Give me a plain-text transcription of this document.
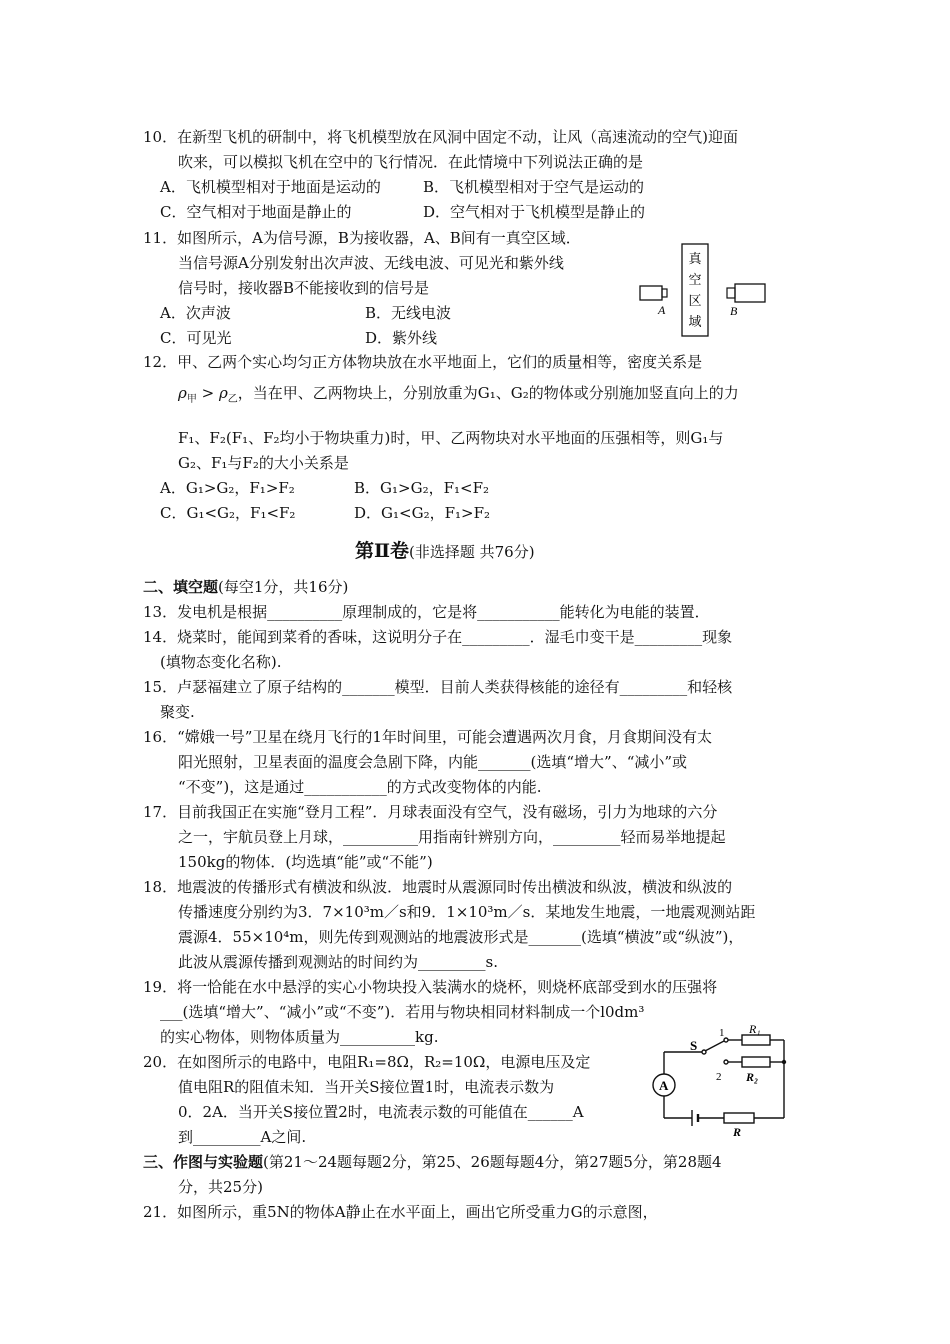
10．在新型飞机的研制中，将飞机模型放在风洞中固定不动，让风（高速流动的空气)迎面
吹来，可以模拟飞机在空中的飞行情况．在此情境中下列说法正确的是
A．飞机模型相对于地面是运动的	B．飞机模型相对于空气是运动的
C．空气相对于地面是静止的	D．空气相对于飞机模型是静止的
11．如图所示，A为信号源，B为接收器，A、B间有一真空区域．
当信号源A分别发射出次声波、无线电波、可见光和紫外线
信号时，接收器B不能接收到的信号是
A．次声波	B．无线电波
C．可见光	D．紫外线
真
空
区
域
A	B
12．甲、乙两个实心均匀正方体物块放在水平地面上，它们的质量相等，密度关系是
$\rho_甲 > \rho_乙$，当在甲、乙两物块上，分别放重为G₁、G₂的物体或分别施加竖直向上的力
F₁、F₂(F₁、F₂均小于物块重力)时，甲、乙两物块对水平地面的压强相等，则G₁与
G₂、F₁与F₂的大小关系是
A．G₁>G₂，F₁>F₂	B．G₁>G₂，F₁<F₂
C．G₁<G₂，F₁<F₂	D．G₁<G₂，F₁>F₂
第Ⅱ卷(非选择题 共76分)
二、填空题(每空1分，共16分)
13．发电机是根据__________原理制成的，它是将___________能转化为电能的装置．
14．烧菜时，能闻到菜肴的香味，这说明分子在_________．湿毛巾变干是_________现象
(填物态变化名称).
15．卢瑟福建立了原子结构的_______模型．目前人类获得核能的途径有_________和轻核
聚变.
16．“嫦娥一号”卫星在绕月飞行的1年时间里，可能会遭遇两次月食，月食期间没有太
阳光照射，卫星表面的温度会急剧下降，内能_______(选填“增大”、“减小”或
“不变”)，这是通过___________的方式改变物体的内能.
17．目前我国正在实施“登月工程”．月球表面没有空气，没有磁场，引力为地球的六分
之一，宇航员登上月球，__________用指南针辨别方向，_________轻而易举地提起
150kg的物体．(均选填“能”或“不能”)
18．地震波的传播形式有横波和纵波．地震时从震源同时传出横波和纵波，横波和纵波的
传播速度分别约为3．7×10³m／s和9．1×10³m／s．某地发生地震，一地震观测站距
震源4．55×10⁴m，则先传到观测站的地震波形式是_______(选填“横波”或“纵波”)，
此波从震源传播到观测站的时间约为_________s.
19．将一恰能在水中悬浮的实心小物块投入装满水的烧杯，则烧杯底部受到水的压强将
___(选填“增大”、“减小”或“不变”)．若用与物块相同材料制成一个l0dm³
的实心物体，则物体质量为__________kg.
20．在如图所示的电路中，电阻R₁=8Ω，R₂=10Ω，电源电压及定
值电阻R的阻值未知．当开关S接位置1时，电流表示数为
0．2A．当开关S接位置2时，电流表示数的可能值在______A
到_________A之间.
A
S
1
2
R₁
R₂
R
三、作图与实验题(第21～24题每题2分，第25、26题每题4分，第27题5分，第28题4
分，共25分)
21．如图所示，重5N的物体A静止在水平面上，画出它所受重力G的示意图，
